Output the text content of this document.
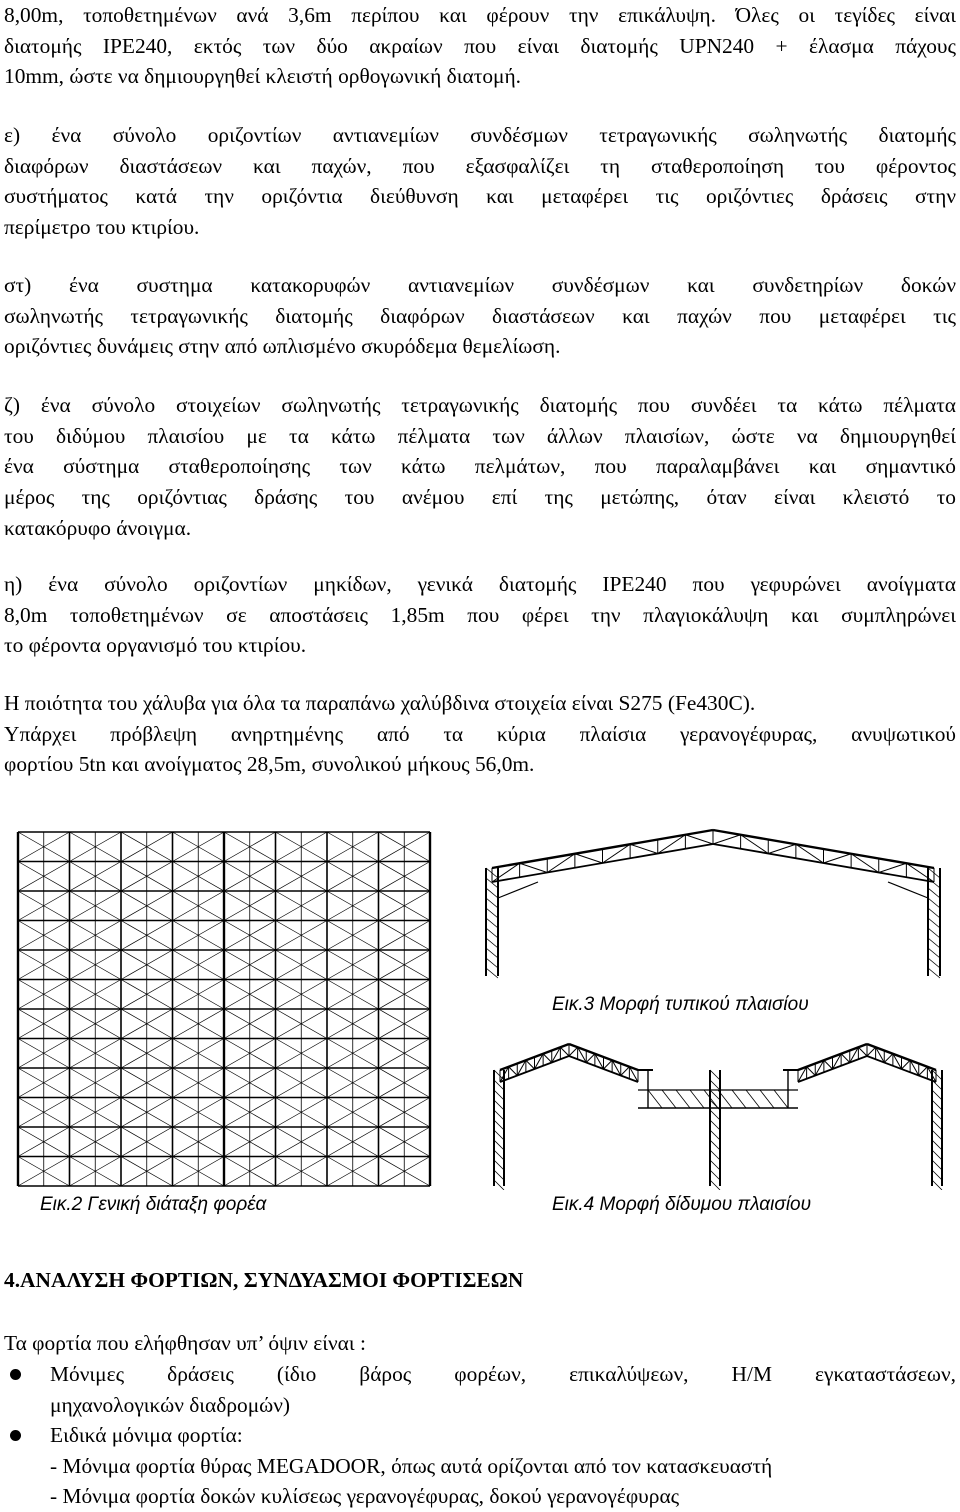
8,00m, τοποθετημένων ανά 3,6m περίπου και φέρουν την επικάλυψη. Όλες οι τεγίδες είναι
διατομής IPE240, εκτός των δύο ακραίων που είναι διατομής UPN240 + έλασμα πάχους
10mm, ώστε να δημιουργηθεί κλειστή ορθογωνική διατομή.
ε) ένα σύνολο οριζοντίων αντιανεμίων συνδέσμων τετραγωνικής σωληνωτής διατομής
διαφόρων διαστάσεων και παχών, που εξασφαλίζει τη σταθεροποίηση του φέροντος
συστήματος κατά την οριζόντια διεύθυνση και μεταφέρει τις οριζόντιες δράσεις στην
περίμετρο του κτιρίου.
στ) ένα συστημα κατακορυφών αντιανεμίων συνδέσμων και συνδετηρίων δοκών
σωληνωτής τετραγωνικής διατομής διαφόρων διαστάσεων και παχών που μεταφέρει τις
οριζόντιες δυνάμεις στην από ωπλισμένο σκυρόδεμα θεμελίωση.
ζ) ένα σύνολο στοιχείων σωληνωτής τετραγωνικής διατομής που συνδέει τα κάτω πέλματα
του διδύμου πλαισίου με τα κάτω πέλματα των άλλων πλαισίων, ώστε να δημιουργηθεί
ένα σύστημα σταθεροποίησης των κάτω πελμάτων, που παραλαμβάνει και σημαντικό
μέρος της οριζόντιας δράσης του ανέμου επί της μετώπης, όταν είναι κλειστό το
κατακόρυφο άνοιγμα.
η) ένα σύνολο οριζοντίων μηκίδων, γενικά διατομής IPE240 που γεφυρώνει ανοίγματα
8,0m τοποθετημένων σε αποστάσεις 1,85m που φέρει την πλαγιοκάλυψη και συμπληρώνει
το φέροντα οργανισμό του κτιρίου.
Η ποιότητα του χάλυβα για όλα τα παραπάνω χαλύβδινα στοιχεία είναι S275 (Fe430C).
Υπάρχει πρόβλεψη ανηρτημένης από τα κύρια πλαίσια γερανογέφυρας, ανυψωτικού
φορτίου 5tn και ανοίγματος 28,5m, συνολικού μήκους 56,0m.
Εικ.3 Μορφή τυπικού πλαισίου
Εικ.2 Γενική διάταξη φορέα	Εικ.4 Μορφή δίδυμου πλαισίου
4.ΑΝΑΛΥΣΗ ΦΟΡΤΙΩΝ, ΣΥΝΔΥΑΣΜΟΙ ΦΟΡΤΙΣΕΩΝ
Τα φορτία που ελήφθησαν υπ’ όψιν είναι :
Μόνιμες δράσεις (ίδιο βάρος φορέων, επικαλύψεων, Η/Μ εγκαταστάσεων,
μηχανολογικών διαδρομών)
Ειδικά μόνιμα φορτία:
- Μόνιμα φορτία θύρας MEGADOOR, όπως αυτά ορίζονται από τον κατασκευαστή
- Μόνιμα φορτία δοκών κυλίσεως γερανογέφυρας, δοκού γερανογέφυρας
